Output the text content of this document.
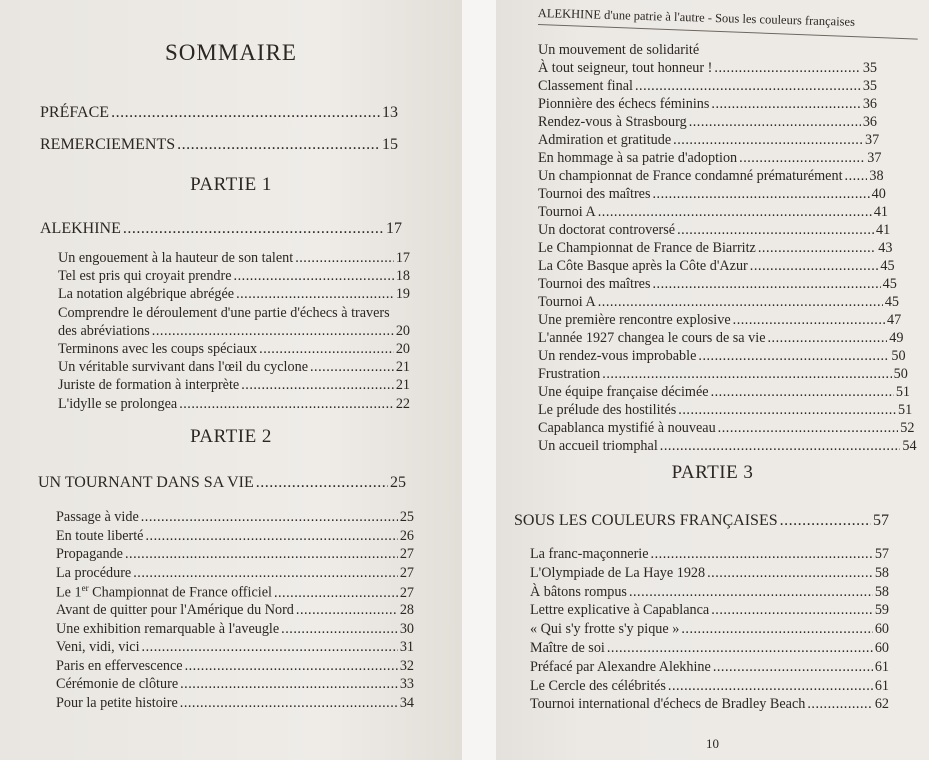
SOMMAIRE
PRÉFACE .....	13
REMERCIEMENTS .....	15
PARTIE 1
ALEKHINE .....	17
Un engouement à la hauteur de son talent .....	17
Tel est pris qui croyait prendre .....	18
La notation algébrique abrégée .....	19
Comprendre le déroulement d'une partie d'échecs à travers
des abréviations .....	20
Terminons avec les coups spéciaux .....	20
Un véritable survivant dans l'œil du cyclone .....	21
Juriste de formation à interprète .....	21
L'idylle se prolongea .....	22
PARTIE 2
UN TOURNANT DANS SA VIE .....	25
Passage à vide .....	25
En toute liberté .....	26
Propagande .....	27
La procédure .....	27
Le 1er Championnat de France officiel .....	27
Avant de quitter pour l'Amérique du Nord .....	28
Une exhibition remarquable à l'aveugle .....	30
Veni, vidi, vici .....	31
Paris en effervescence .....	32
Cérémonie de clôture .....	33
Pour la petite histoire .....	34
ALEKHINE d'une patrie à l'autre - Sous les couleurs françaises
Un mouvement de solidarité
À tout seigneur, tout honneur ! .....	35
Classement final .....	35
Pionnière des échecs féminins .....	36
Rendez-vous à Strasbourg .....	36
Admiration et gratitude .....	37
En hommage à sa patrie d'adoption .....	37
Un championnat de France condamné prématurément ..... 38
Tournoi des maîtres .....	40
Tournoi A .....	41
Un doctorat controversé .....	41
Le Championnat de France de Biarritz .....	43
La Côte Basque après la Côte d'Azur .....	45
Tournoi des maîtres .....	45
Tournoi A .....	45
Une première rencontre explosive .....	47
L'année 1927 changea le cours de sa vie .....	49
Un rendez-vous improbable .....	50
Frustration .....	50
Une équipe française décimée .....	51
Le prélude des hostilités .....	51
Capablanca mystifié à nouveau .....	52
Un accueil triomphal .....	54
PARTIE 3
SOUS LES COULEURS FRANÇAISES .....	57
La franc-maçonnerie .....	57
L'Olympiade de La Haye 1928 .....	58
À bâtons rompus .....	58
Lettre explicative à Capablanca .....	59
« Qui s'y frotte s'y pique » .....	60
Maître de soi .....	60
Préfacé par Alexandre Alekhine .....	61
Le Cercle des célébrités .....	61
Tournoi international d'échecs de Bradley Beach .....	62
10
